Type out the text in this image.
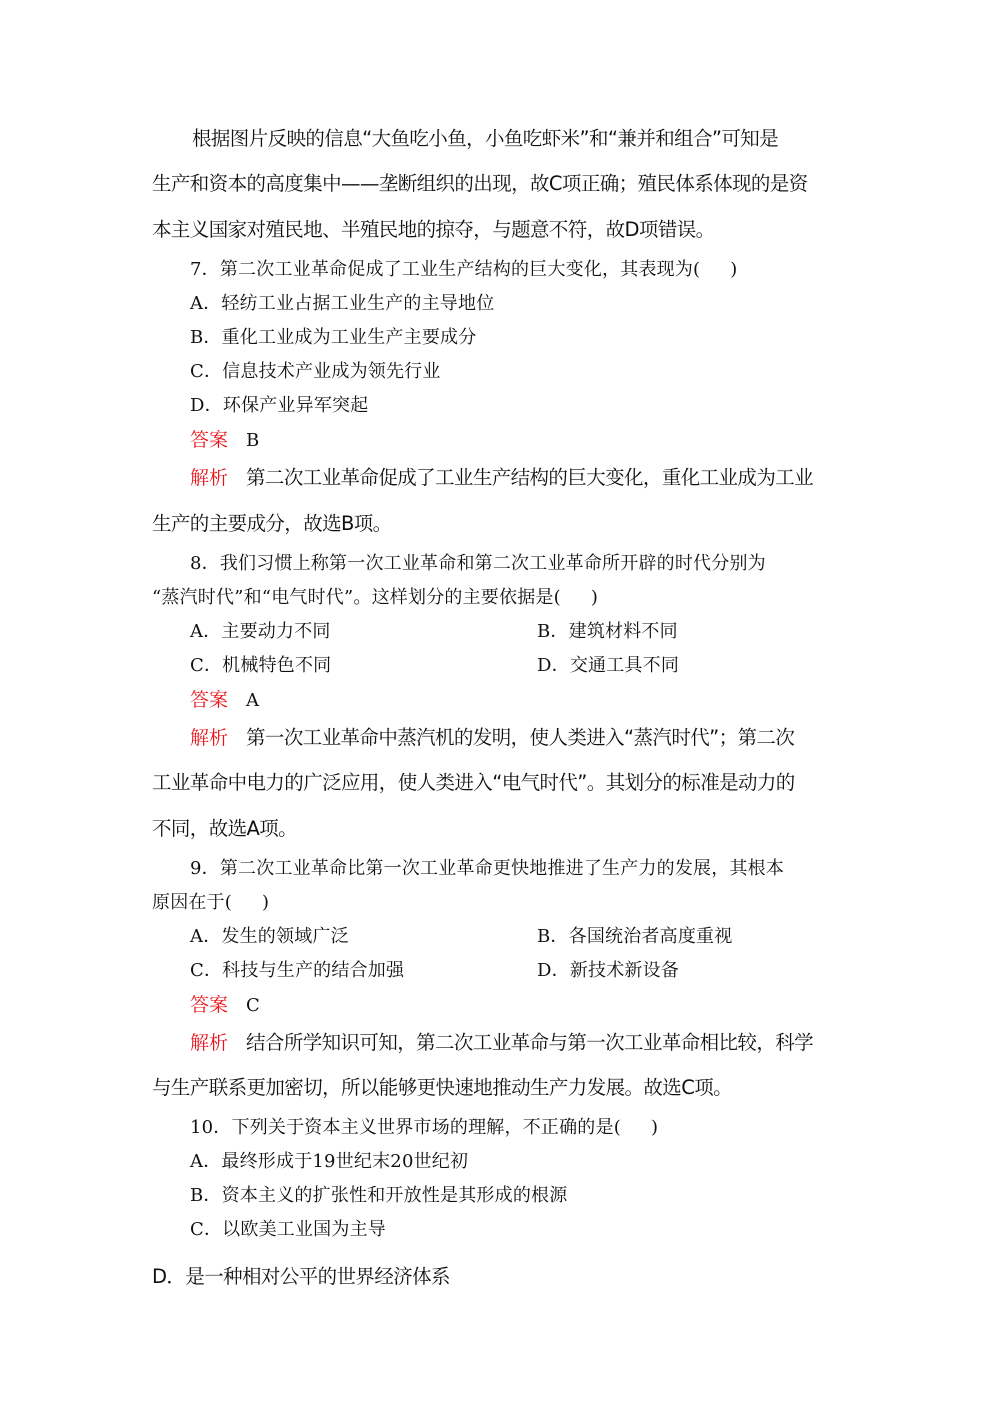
根据图片反映的信息“大鱼吃小鱼，小鱼吃虾米”和“兼并和组合”可知是
生产和资本的高度集中——垄断组织的出现，故C项正确；殖民体系体现的是资
本主义国家对殖民地、半殖民地的掠夺，与题意不符，故D项错误。
7．第二次工业革命促成了工业生产结构的巨大变化，其表现为( )
A．轻纺工业占据工业生产的主导地位
B．重化工业成为工业生产主要成分
C．信息技术产业成为领先行业
D．环保产业异军突起
答案 B
解析 第二次工业革命促成了工业生产结构的巨大变化，重化工业成为工业
生产的主要成分，故选B项。
8．我们习惯上称第一次工业革命和第二次工业革命所开辟的时代分别为
“蒸汽时代”和“电气时代”。这样划分的主要依据是( )
A．主要动力不同	B．建筑材料不同
C．机械特色不同	D．交通工具不同
答案 A
解析 第一次工业革命中蒸汽机的发明，使人类进入“蒸汽时代”；第二次
工业革命中电力的广泛应用，使人类进入“电气时代”。其划分的标准是动力的
不同，故选A项。
9．第二次工业革命比第一次工业革命更快地推进了生产力的发展，其根本
原因在于( )
A．发生的领域广泛	B．各国统治者高度重视
C．科技与生产的结合加强	D．新技术新设备
答案 C
解析 结合所学知识可知，第二次工业革命与第一次工业革命相比较，科学
与生产联系更加密切，所以能够更快速地推动生产力发展。故选C项。
10．下列关于资本主义世界市场的理解，不正确的是( )
A．最终形成于19世纪末20世纪初
B．资本主义的扩张性和开放性是其形成的根源
C．以欧美工业国为主导
D．是一种相对公平的世界经济体系
